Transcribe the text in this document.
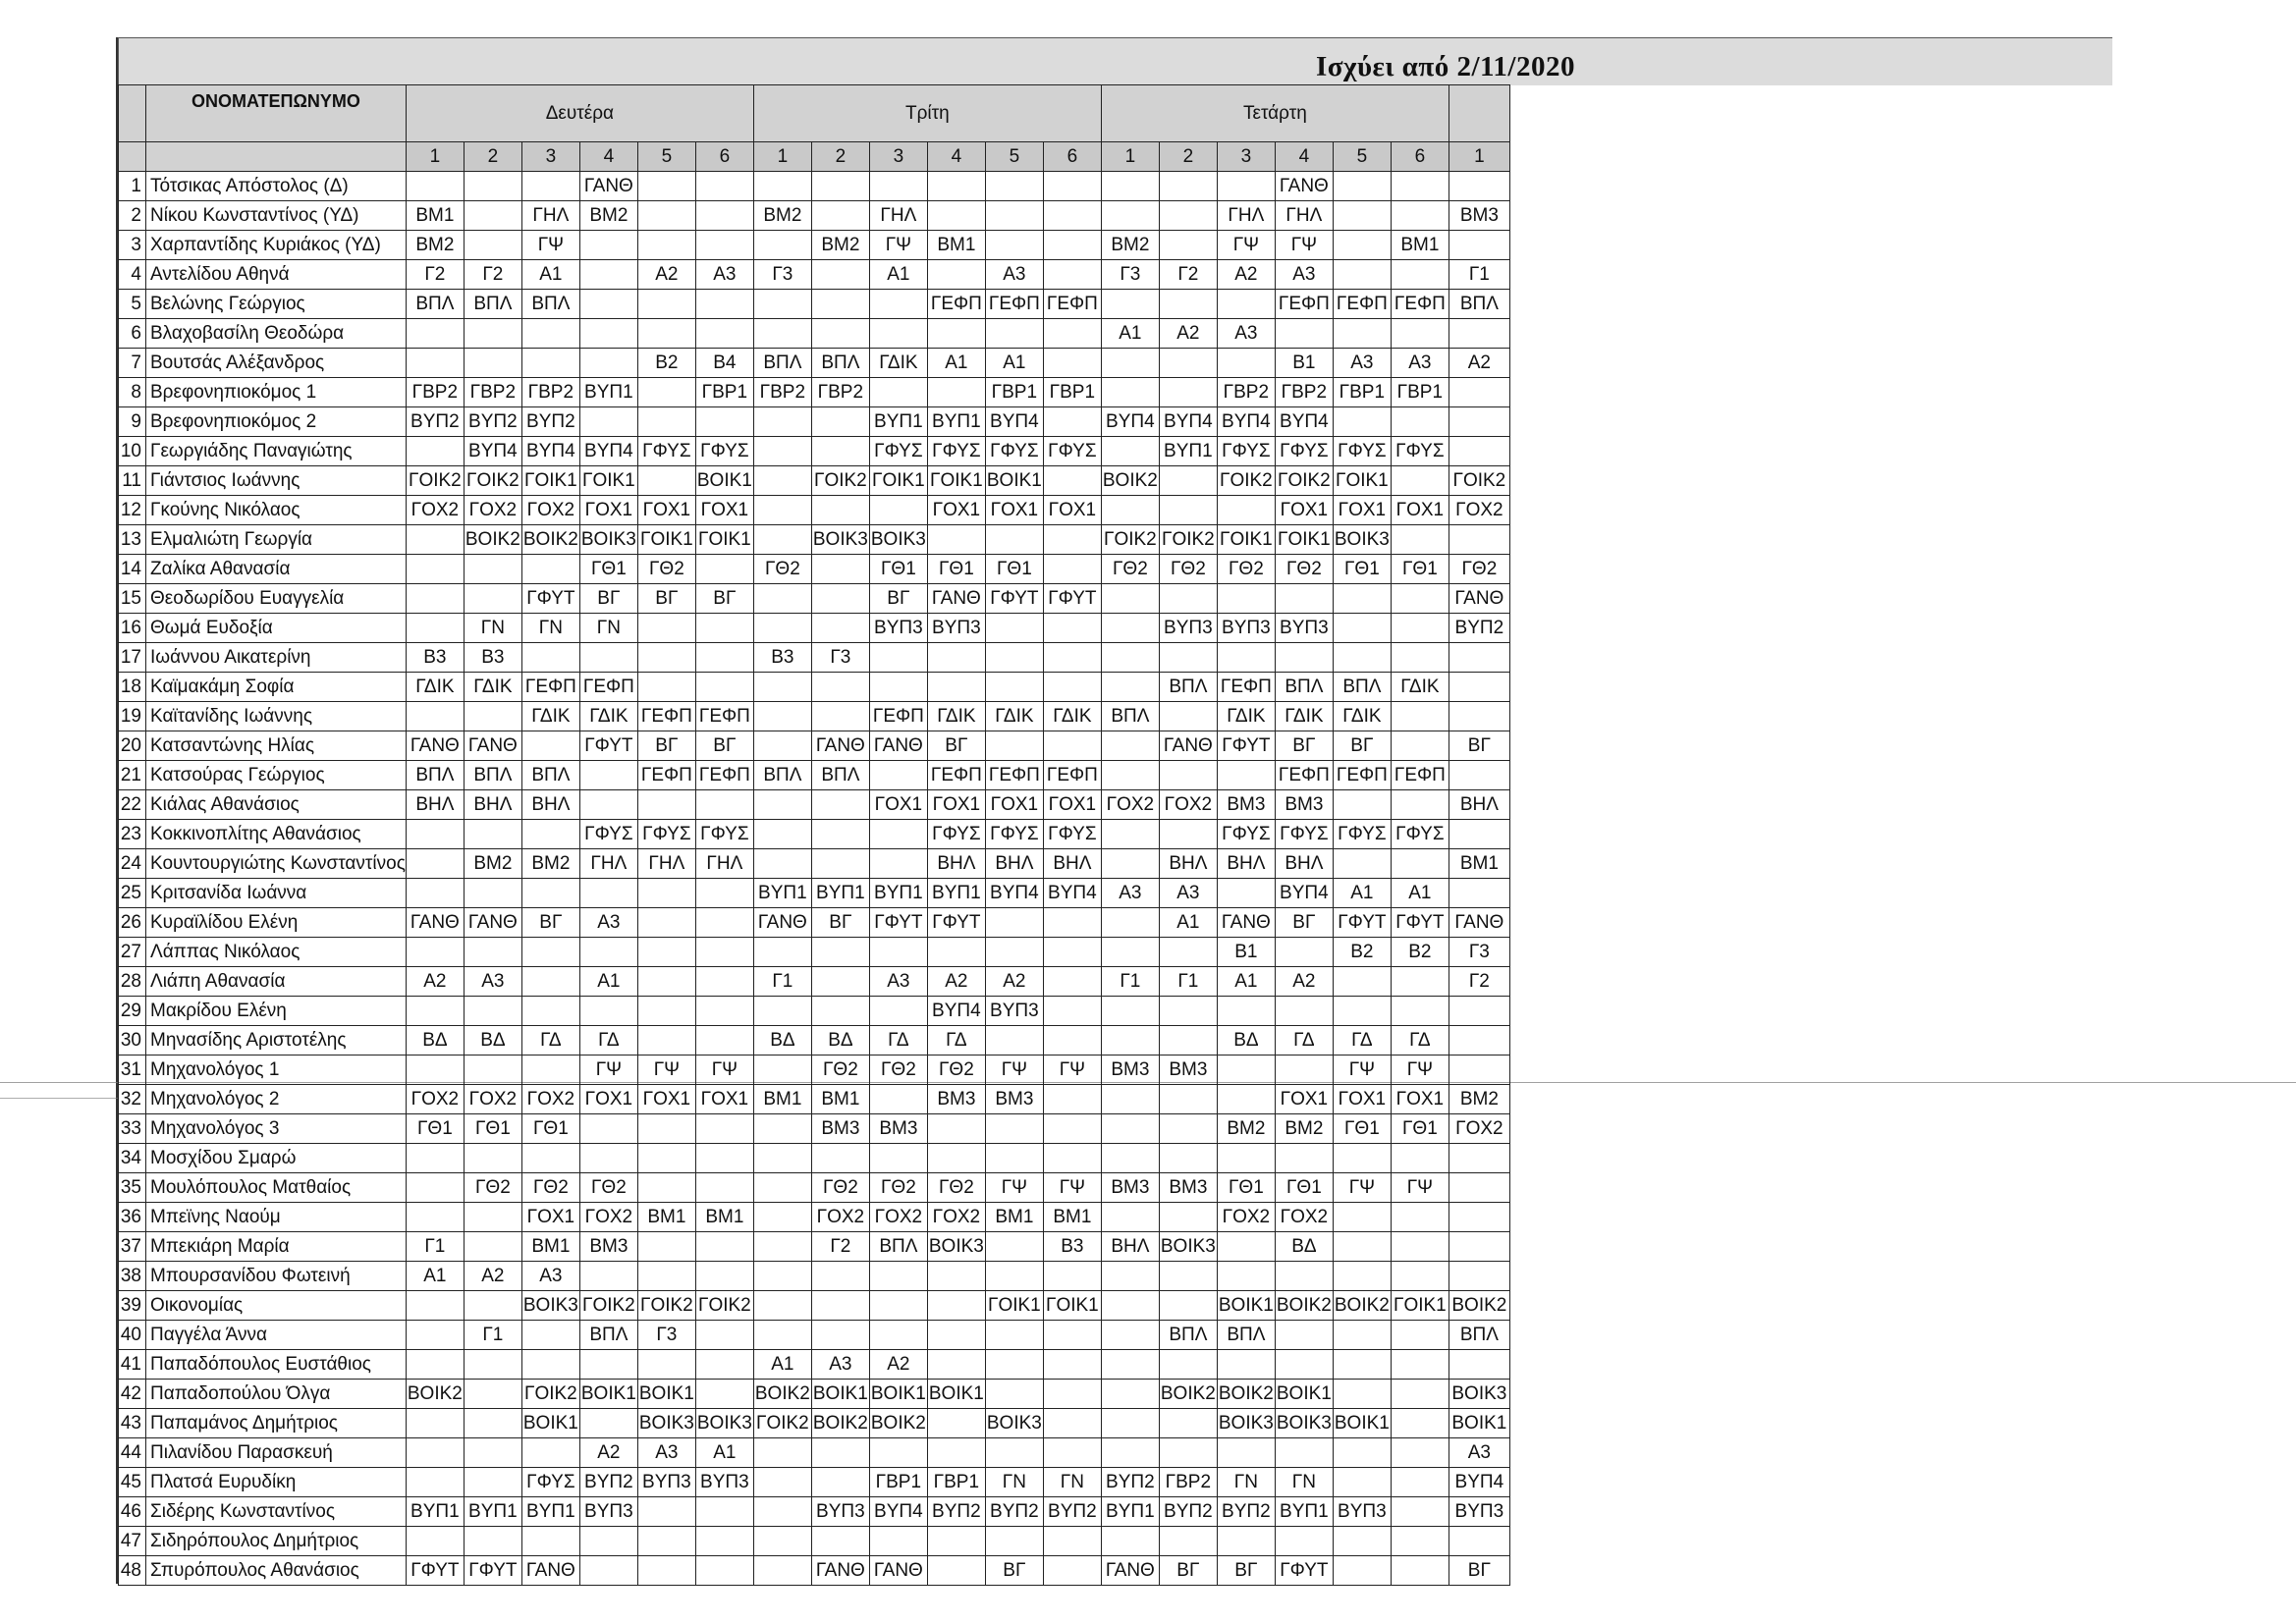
Ισχύει από 2/11/2020
	ΟΝΟΜΑΤΕΠΩΝΥΜΟ	Δευτέρα						Τρίτη						Τετάρτη						
		1	2	3	4	5	6	1	2	3	4	5	6	1	2	3	4	5	6	1
1	Τότσικας Απόστολος (Δ)				ΓΑΝΘ												ΓΑΝΘ			
2	Νίκου Κωνσταντίνος (ΥΔ)	ΒΜ1		ΓΗΛ	ΒΜ2			ΒΜ2		ΓΗΛ						ΓΗΛ	ΓΗΛ			ΒΜ3
3	Χαρπαντίδης Κυριάκος (ΥΔ)	ΒΜ2		ΓΨ					ΒΜ2	ΓΨ	ΒΜ1			ΒΜ2		ΓΨ	ΓΨ		ΒΜ1	
4	Αντελίδου Αθηνά	Γ2	Γ2	Α1		Α2	Α3	Γ3		Α1		Α3		Γ3	Γ2	Α2	Α3			Γ1
5	Βελώνης Γεώργιος	ΒΠΛ	ΒΠΛ	ΒΠΛ							ΓΕΦΠ	ΓΕΦΠ	ΓΕΦΠ				ΓΕΦΠ	ΓΕΦΠ	ΓΕΦΠ	ΒΠΛ
6	Βλαχοβασίλη Θεοδώρα													Α1	Α2	Α3				
7	Βουτσάς Αλέξανδρος					Β2	Β4	ΒΠΛ	ΒΠΛ	ΓΔΙΚ	Α1	Α1					Β1	Α3	Α3	Α2
8	Βρεφονηπιοκόμος 1	ΓΒΡ2	ΓΒΡ2	ΓΒΡ2	ΒΥΠ1		ΓΒΡ1	ΓΒΡ2	ΓΒΡ2			ΓΒΡ1	ΓΒΡ1			ΓΒΡ2	ΓΒΡ2	ΓΒΡ1	ΓΒΡ1	
9	Βρεφονηπιοκόμος 2	ΒΥΠ2	ΒΥΠ2	ΒΥΠ2						ΒΥΠ1	ΒΥΠ1	ΒΥΠ4		ΒΥΠ4	ΒΥΠ4	ΒΥΠ4	ΒΥΠ4			
10	Γεωργιάδης Παναγιώτης		ΒΥΠ4	ΒΥΠ4	ΒΥΠ4	ΓΦΥΣ	ΓΦΥΣ			ΓΦΥΣ	ΓΦΥΣ	ΓΦΥΣ	ΓΦΥΣ		ΒΥΠ1	ΓΦΥΣ	ΓΦΥΣ	ΓΦΥΣ	ΓΦΥΣ	
11	Γιάντσιος Ιωάννης	ΓΟΙΚ2	ΓΟΙΚ2	ΓΟΙΚ1	ΓΟΙΚ1		ΒΟΙΚ1		ΓΟΙΚ2	ΓΟΙΚ1	ΓΟΙΚ1	ΒΟΙΚ1		ΒΟΙΚ2		ΓΟΙΚ2	ΓΟΙΚ2	ΓΟΙΚ1		ΓΟΙΚ2
12	Γκούνης Νικόλαος	ΓΟΧ2	ΓΟΧ2	ΓΟΧ2	ΓΟΧ1	ΓΟΧ1	ΓΟΧ1				ΓΟΧ1	ΓΟΧ1	ΓΟΧ1				ΓΟΧ1	ΓΟΧ1	ΓΟΧ1	ΓΟΧ2
13	Ελμαλιώτη Γεωργία		ΒΟΙΚ2	ΒΟΙΚ2	ΒΟΙΚ3	ΓΟΙΚ1	ΓΟΙΚ1		ΒΟΙΚ3	ΒΟΙΚ3				ΓΟΙΚ2	ΓΟΙΚ2	ΓΟΙΚ1	ΓΟΙΚ1	ΒΟΙΚ3		
14	Ζαλίκα Αθανασία				ΓΘ1	ΓΘ2		ΓΘ2		ΓΘ1	ΓΘ1	ΓΘ1		ΓΘ2	ΓΘ2	ΓΘ2	ΓΘ2	ΓΘ1	ΓΘ1	ΓΘ2
15	Θεοδωρίδου Ευαγγελία			ΓΦΥΤ	ΒΓ	ΒΓ	ΒΓ			ΒΓ	ΓΑΝΘ	ΓΦΥΤ	ΓΦΥΤ							ΓΑΝΘ
16	Θωμά Ευδοξία		ΓΝ	ΓΝ	ΓΝ					ΒΥΠ3	ΒΥΠ3				ΒΥΠ3	ΒΥΠ3	ΒΥΠ3			ΒΥΠ2
17	Ιωάννου Αικατερίνη	Β3	Β3					Β3	Γ3											
18	Καϊμακάμη Σοφία	ΓΔΙΚ	ΓΔΙΚ	ΓΕΦΠ	ΓΕΦΠ										ΒΠΛ	ΓΕΦΠ	ΒΠΛ	ΒΠΛ	ΓΔΙΚ	
19	Καϊτανίδης Ιωάννης			ΓΔΙΚ	ΓΔΙΚ	ΓΕΦΠ	ΓΕΦΠ			ΓΕΦΠ	ΓΔΙΚ	ΓΔΙΚ	ΓΔΙΚ	ΒΠΛ		ΓΔΙΚ	ΓΔΙΚ	ΓΔΙΚ		
20	Κατσαντώνης Ηλίας	ΓΑΝΘ	ΓΑΝΘ		ΓΦΥΤ	ΒΓ	ΒΓ		ΓΑΝΘ	ΓΑΝΘ	ΒΓ				ΓΑΝΘ	ΓΦΥΤ	ΒΓ	ΒΓ		ΒΓ
21	Κατσούρας Γεώργιος	ΒΠΛ	ΒΠΛ	ΒΠΛ		ΓΕΦΠ	ΓΕΦΠ	ΒΠΛ	ΒΠΛ		ΓΕΦΠ	ΓΕΦΠ	ΓΕΦΠ				ΓΕΦΠ	ΓΕΦΠ	ΓΕΦΠ	
22	Κιάλας Αθανάσιος	ΒΗΛ	ΒΗΛ	ΒΗΛ						ΓΟΧ1	ΓΟΧ1	ΓΟΧ1	ΓΟΧ1	ΓΟΧ2	ΓΟΧ2	ΒΜ3	ΒΜ3			ΒΗΛ
23	Κοκκινοπλίτης Αθανάσιος				ΓΦΥΣ	ΓΦΥΣ	ΓΦΥΣ				ΓΦΥΣ	ΓΦΥΣ	ΓΦΥΣ			ΓΦΥΣ	ΓΦΥΣ	ΓΦΥΣ	ΓΦΥΣ	
24	Κουντουργιώτης Κωνσταντίνος		ΒΜ2	ΒΜ2	ΓΗΛ	ΓΗΛ	ΓΗΛ				ΒΗΛ	ΒΗΛ	ΒΗΛ		ΒΗΛ	ΒΗΛ	ΒΗΛ			ΒΜ1
25	Κριτσανίδα Ιωάννα							ΒΥΠ1	ΒΥΠ1	ΒΥΠ1	ΒΥΠ1	ΒΥΠ4	ΒΥΠ4	Α3	Α3		ΒΥΠ4	Α1	Α1	
26	Κυραϊλίδου Ελένη	ΓΑΝΘ	ΓΑΝΘ	ΒΓ	Α3			ΓΑΝΘ	ΒΓ	ΓΦΥΤ	ΓΦΥΤ				Α1	ΓΑΝΘ	ΒΓ	ΓΦΥΤ	ΓΦΥΤ	ΓΑΝΘ
27	Λάππας Νικόλαος															Β1		Β2	Β2	Γ3
28	Λιάπη Αθανασία	Α2	Α3		Α1			Γ1		Α3	Α2	Α2		Γ1	Γ1	Α1	Α2			Γ2
29	Μακρίδου Ελένη										ΒΥΠ4	ΒΥΠ3								
30	Μηνασίδης Αριστοτέλης	ΒΔ	ΒΔ	ΓΔ	ΓΔ			ΒΔ	ΒΔ	ΓΔ	ΓΔ					ΒΔ	ΓΔ	ΓΔ	ΓΔ	
31	Μηχανολόγος 1				ΓΨ	ΓΨ	ΓΨ		ΓΘ2	ΓΘ2	ΓΘ2	ΓΨ	ΓΨ	ΒΜ3	ΒΜ3			ΓΨ	ΓΨ	
32	Μηχανολόγος 2	ΓΟΧ2	ΓΟΧ2	ΓΟΧ2	ΓΟΧ1	ΓΟΧ1	ΓΟΧ1	ΒΜ1	ΒΜ1		ΒΜ3	ΒΜ3					ΓΟΧ1	ΓΟΧ1	ΓΟΧ1	ΒΜ2
33	Μηχανολόγος 3	ΓΘ1	ΓΘ1	ΓΘ1					ΒΜ3	ΒΜ3						ΒΜ2	ΒΜ2	ΓΘ1	ΓΘ1	ΓΟΧ2
34	Μοσχίδου Σμαρώ																			
35	Μουλόπουλος Ματθαίος		ΓΘ2	ΓΘ2	ΓΘ2				ΓΘ2	ΓΘ2	ΓΘ2	ΓΨ	ΓΨ	ΒΜ3	ΒΜ3	ΓΘ1	ΓΘ1	ΓΨ	ΓΨ	
36	Μπεϊνης Ναούμ			ΓΟΧ1	ΓΟΧ2	ΒΜ1	ΒΜ1		ΓΟΧ2	ΓΟΧ2	ΓΟΧ2	ΒΜ1	ΒΜ1			ΓΟΧ2	ΓΟΧ2			
37	Μπεκιάρη Μαρία	Γ1		ΒΜ1	ΒΜ3				Γ2	ΒΠΛ	ΒΟΙΚ3		Β3	ΒΗΛ	ΒΟΙΚ3		ΒΔ			
38	Μπουρσανίδου Φωτεινή	Α1	Α2	Α3																
39	Οικονομίας			ΒΟΙΚ3	ΓΟΙΚ2	ΓΟΙΚ2	ΓΟΙΚ2					ΓΟΙΚ1	ΓΟΙΚ1			ΒΟΙΚ1	ΒΟΙΚ2	ΒΟΙΚ2	ΓΟΙΚ1	ΒΟΙΚ2
40	Παγγέλα Άννα		Γ1		ΒΠΛ	Γ3									ΒΠΛ	ΒΠΛ				ΒΠΛ
41	Παπαδόπουλος Ευστάθιος							Α1	Α3	Α2										
42	Παπαδοπούλου Όλγα	ΒΟΙΚ2		ΓΟΙΚ2	ΒΟΙΚ1	ΒΟΙΚ1		ΒΟΙΚ2	ΒΟΙΚ1	ΒΟΙΚ1	ΒΟΙΚ1				ΒΟΙΚ2	ΒΟΙΚ2	ΒΟΙΚ1			ΒΟΙΚ3
43	Παπαμάνος Δημήτριος			ΒΟΙΚ1		ΒΟΙΚ3	ΒΟΙΚ3	ΓΟΙΚ2	ΒΟΙΚ2	ΒΟΙΚ2		ΒΟΙΚ3				ΒΟΙΚ3	ΒΟΙΚ3	ΒΟΙΚ1		ΒΟΙΚ1
44	Πιλανίδου Παρασκευή				Α2	Α3	Α1													Α3
45	Πλατσά Ευρυδίκη			ΓΦΥΣ	ΒΥΠ2	ΒΥΠ3	ΒΥΠ3			ΓΒΡ1	ΓΒΡ1	ΓΝ	ΓΝ	ΒΥΠ2	ΓΒΡ2	ΓΝ	ΓΝ			ΒΥΠ4
46	Σιδέρης Κωνσταντίνος	ΒΥΠ1	ΒΥΠ1	ΒΥΠ1	ΒΥΠ3				ΒΥΠ3	ΒΥΠ4	ΒΥΠ2	ΒΥΠ2	ΒΥΠ2	ΒΥΠ1	ΒΥΠ2	ΒΥΠ2	ΒΥΠ1	ΒΥΠ3		ΒΥΠ3
47	Σιδηρόπουλος Δημήτριος																			
48	Σπυρόπουλος Αθανάσιος	ΓΦΥΤ	ΓΦΥΤ	ΓΑΝΘ					ΓΑΝΘ	ΓΑΝΘ		ΒΓ		ΓΑΝΘ	ΒΓ	ΒΓ	ΓΦΥΤ			ΒΓ
